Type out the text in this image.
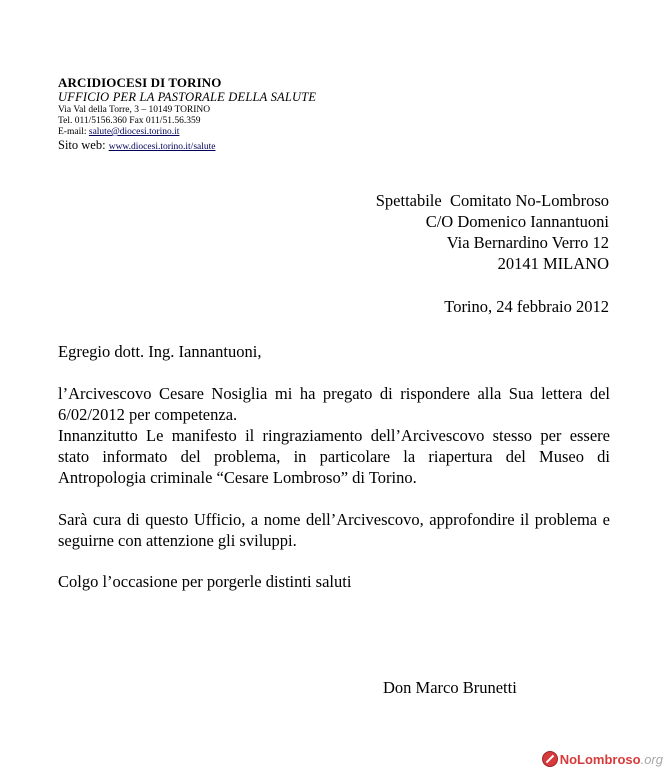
ARCIDIOCESI DI TORINO
UFFICIO PER LA PASTORALE DELLA SALUTE
Via Val della Torre, 3 – 10149 TORINO
Tel. 011/5156.360 Fax 011/51.56.359
E-mail: salute@diocesi.torino.it
Sito web: www.diocesi.torino.it/salute
Spettabile  Comitato No-Lombroso
C/O Domenico Iannantuoni
Via Bernardino Verro 12
20141 MILANO
Torino, 24 febbraio 2012
Egregio dott. Ing. Iannantuoni,
l’Arcivescovo Cesare Nosiglia mi ha pregato di rispondere alla Sua lettera del 6/02/2012 per competenza.
Innanzitutto Le manifesto il ringraziamento dell’Arcivescovo stesso per essere stato informato del problema, in particolare la riapertura del Museo di Antropologia criminale “Cesare Lombroso” di Torino.
Sarà cura di questo Ufficio, a nome dell’Arcivescovo, approfondire il problema e seguirne con attenzione gli sviluppi.
Colgo l’occasione per porgerle distinti saluti
Don Marco Brunetti
NoLombroso .org
